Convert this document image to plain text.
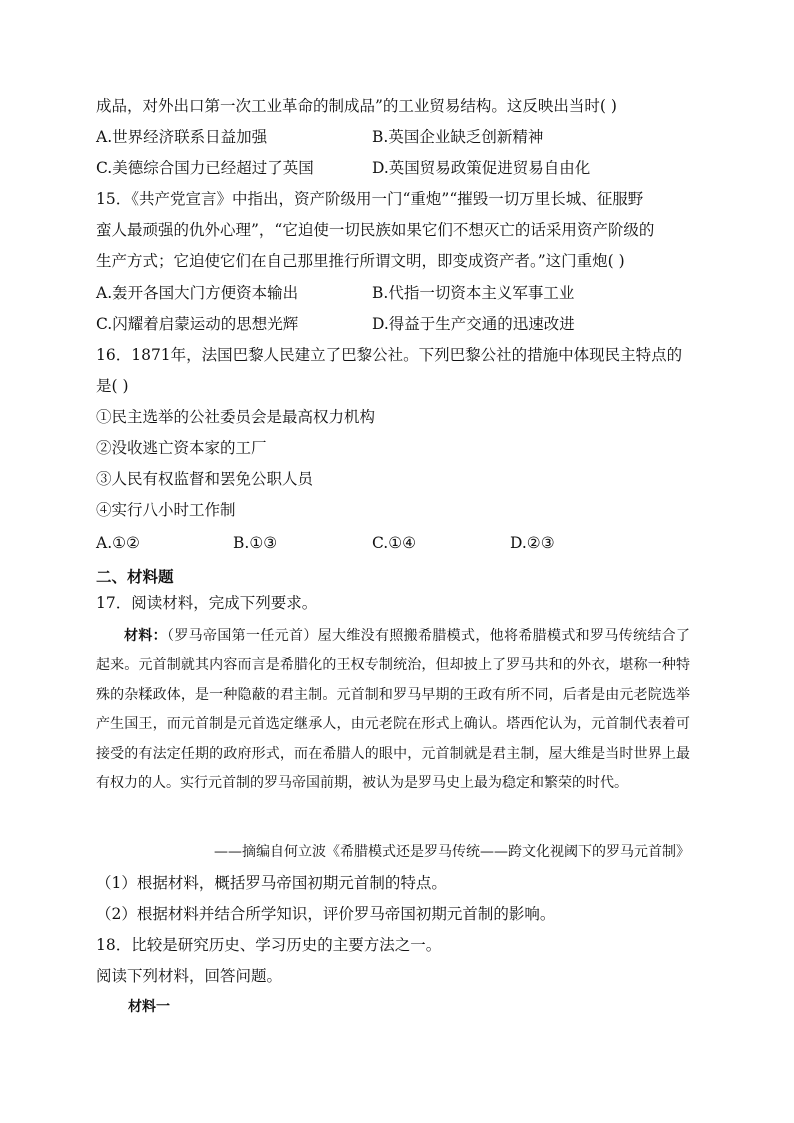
成品，对外出口第一次工业革命的制成品”的工业贸易结构。这反映出当时( )
A.世界经济联系日益加强	B.英国企业缺乏创新精神
C.美德综合国力已经超过了英国	D.英国贸易政策促进贸易自由化
15．《共产党宣言》中指出，资产阶级用一门“重炮”“摧毁一切万里长城、征服野
蛮人最顽强的仇外心理”，“它迫使一切民族如果它们不想灭亡的话采用资产阶级的
生产方式；它迫使它们在自己那里推行所谓文明，即变成资产者。”这门重炮( )
A.轰开各国大门方便资本输出	B.代指一切资本主义军事工业
C.闪耀着启蒙运动的思想光辉	D.得益于生产交通的迅速改进
16．1871年，法国巴黎人民建立了巴黎公社。下列巴黎公社的措施中体现民主特点的
是( )
①民主选举的公社委员会是最高权力机构
②没收逃亡资本家的工厂
③人民有权监督和罢免公职人员
④实行八小时工作制
A.①②	B.①③	C.①④	D.②③
二、材料题
17．阅读材料，完成下列要求。

材料：（罗马帝国第一任元首）屋大维没有照搬希腊模式，他将希腊模式和罗马传统结合了起来。元首制就其内容而言是希腊化的王权专制统治，但却披上了罗马共和的外衣，堪称一种特殊的杂糅政体，是一种隐蔽的君主制。元首制和罗马早期的王政有所不同，后者是由元老院选举产生国王，而元首制是元首选定继承人，由元老院在形式上确认。塔西佗认为，元首制代表着可接受的有法定任期的政府形式，而在希腊人的眼中，元首制就是君主制，屋大维是当时世界上最有权力的人。实行元首制的罗马帝国前期，被认为是罗马史上最为稳定和繁荣的时代。

——摘编自何立波《希腊模式还是罗马传统——跨文化视阈下的罗马元首制》
（1）根据材料，概括罗马帝国初期元首制的特点。
（2）根据材料并结合所学知识，评价罗马帝国初期元首制的影响。
18．比较是研究历史、学习历史的主要方法之一。
阅读下列材料，回答问题。
材料一
